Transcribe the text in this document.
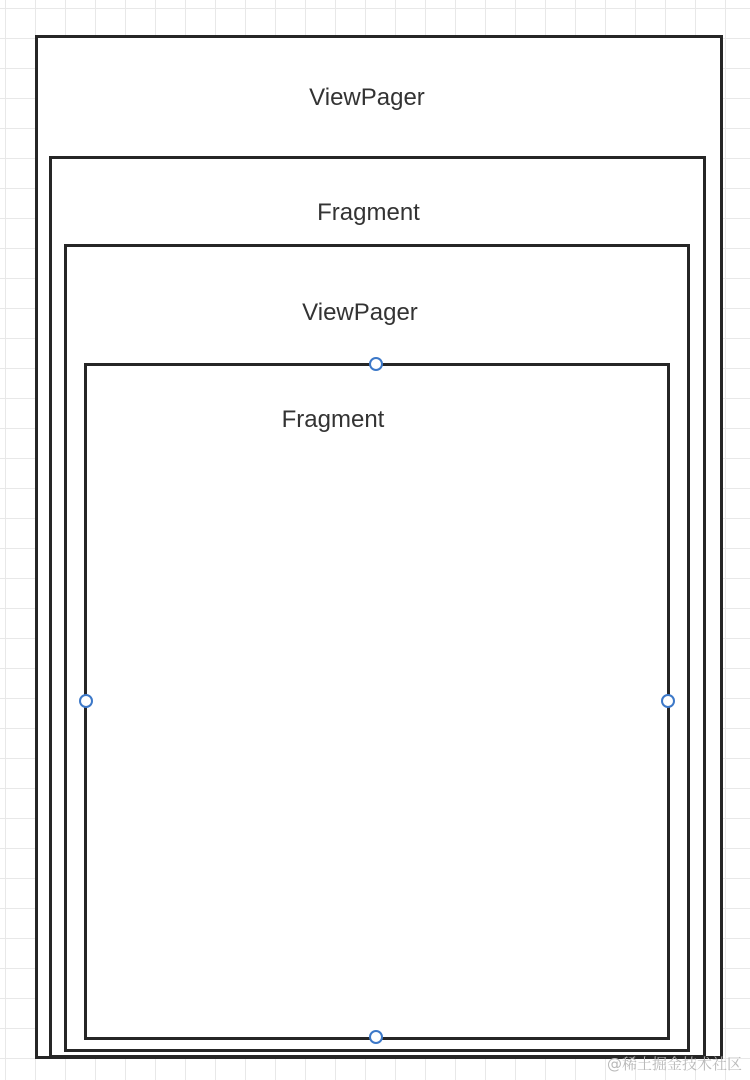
ViewPager
Fragment
ViewPager
Fragment
@稀土掘金技术社区
